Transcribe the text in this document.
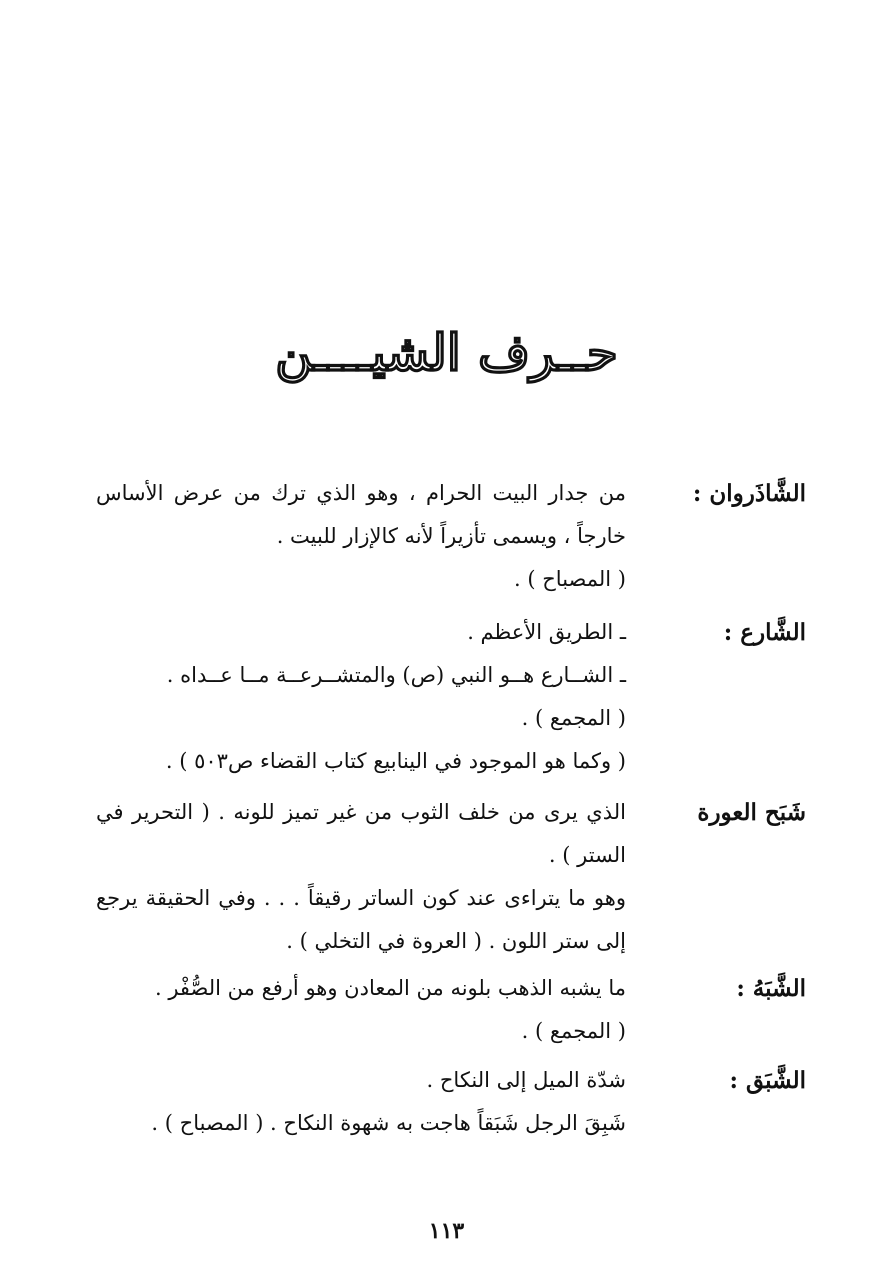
حــرف الشيــــن
الشَّاذَروان :

من جدار البيت الحرام ، وهو الذي ترك من عرض الأساس خارجاً ، ويسمى تأزيراً لأنه كالإزار للبيت .

( المصباح ) .

الشَّارع :

ـ الطريق الأعظم .

ـ الشــارع هــو النبي (ص) والمتشــرعــة مــا عــداه .

( المجمع ) .

( وكما هو الموجود في الينابيع كتاب القضاء ص٥٠٣ ) .

شَبَح العورة

الذي يرى من خلف الثوب من غير تميز للونه . ( التحرير في الستر ) .

وهو ما يتراءى عند كون الساتر رقيقاً . . . وفي الحقيقة يرجع إلى ستر اللون . ( العروة في التخلي ) .

الشَّبَهُ :

ما يشبه الذهب بلونه من المعادن وهو أرفع من الصُّفْر .

( المجمع ) .

الشَّبَق :

شدّة الميل إلى النكاح .

شَبِقَ الرجل شَبَقاً هاجت به شهوة النكاح . ( المصباح ) .

١١٣
